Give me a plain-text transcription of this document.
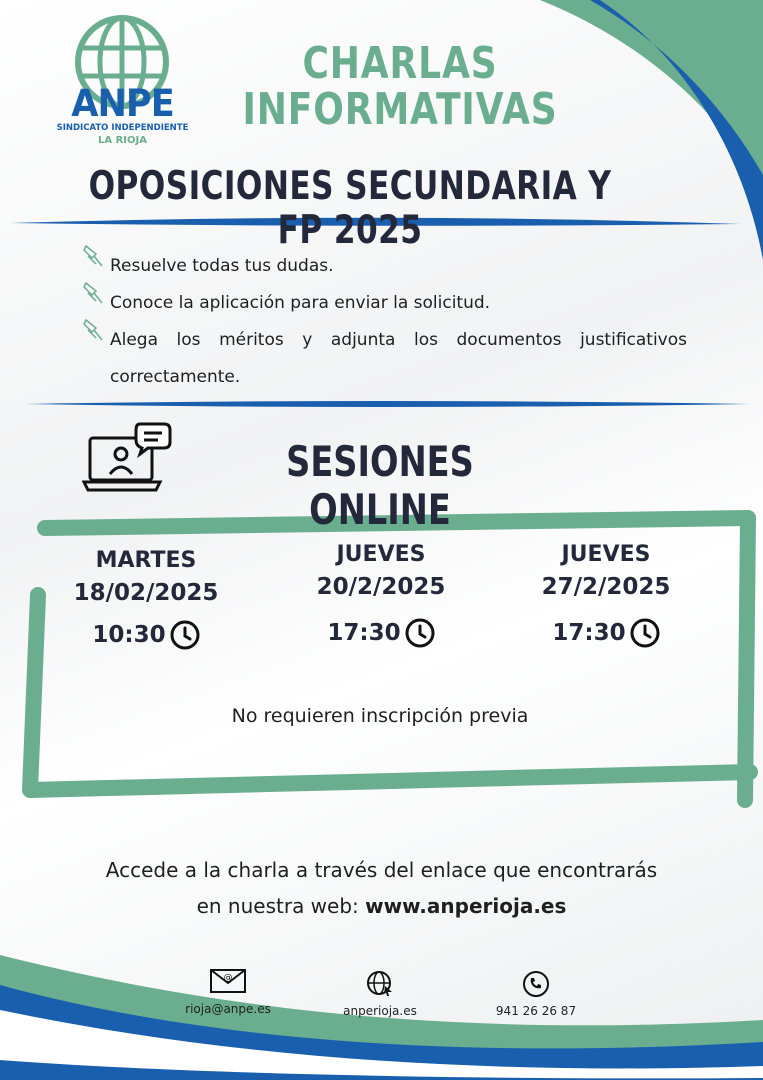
ANPE
SINDICATO INDEPENDIENTE
LA RIOJA
CHARLAS
INFORMATIVAS
OPOSICIONES SECUNDARIA Y FP 2025
Resuelve todas tus dudas.
Conoce la aplicación para enviar la solicitud.
Alega los méritos y adjunta los documentos justificativos
correctamente.
SESIONES ONLINE
MARTES
18/02/2025
10:30
JUEVES
20/2/2025
17:30
JUEVES
27/2/2025
17:30
No requieren inscripción previa
Accede a la charla a través del enlace que encontrarás
en nuestra web: www.anperioja.es
@
rioja@anpe.es	anperioja.es	941 26 26 87
